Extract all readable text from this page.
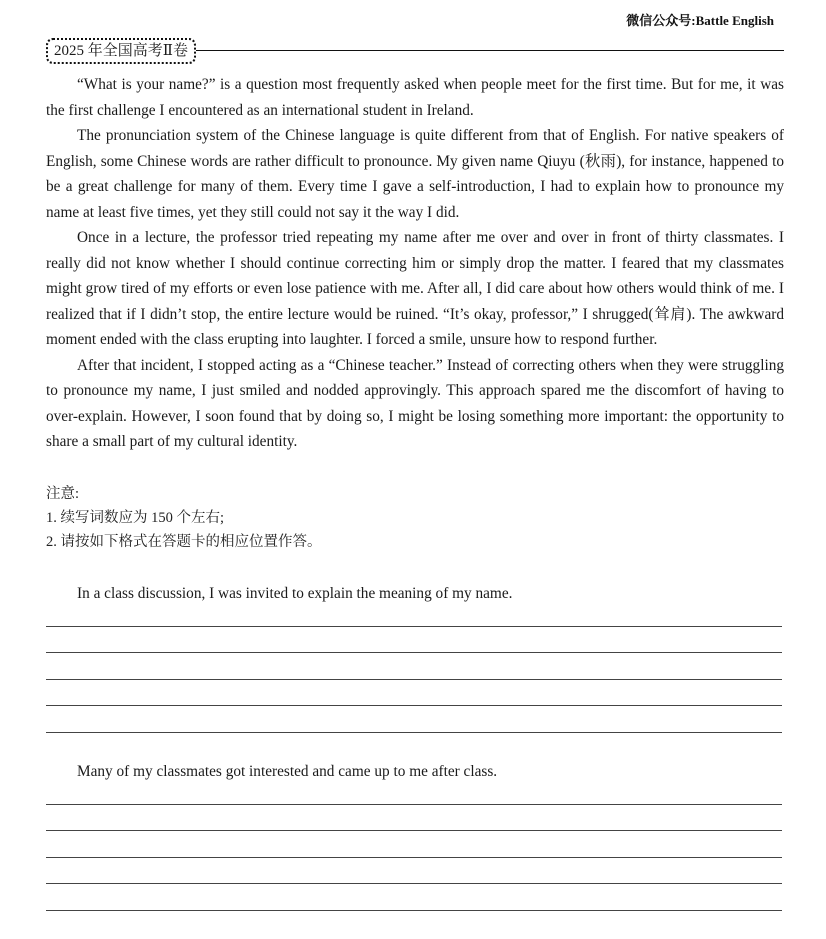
微信公众号:Battle English
2025 年全国高考Ⅱ卷

“What is your name?” is a question most frequently asked when people meet for the first time. But for me, it was the first challenge I encountered as an international student in Ireland.

The pronunciation system of the Chinese language is quite different from that of English. For native speakers of English, some Chinese words are rather difficult to pronounce. My given name Qiuyu (秋雨), for instance, happened to be a great challenge for many of them. Every time I gave a self-introduction, I had to explain how to pronounce my name at least five times, yet they still could not say it the way I did.

Once in a lecture, the professor tried repeating my name after me over and over in front of thirty classmates. I really did not know whether I should continue correcting him or simply drop the matter. I feared that my classmates might grow tired of my efforts or even lose patience with me. After all, I did care about how others would think of me. I realized that if I didn’t stop, the entire lecture would be ruined. “It’s okay, professor,” I shrugged(耸肩). The awkward moment ended with the class erupting into laughter. I forced a smile, unsure how to respond further.

After that incident, I stopped acting as a “Chinese teacher.” Instead of correcting others when they were struggling to pronounce my name, I just smiled and nodded approvingly. This approach spared me the discomfort of having to over-explain. However, I soon found that by doing so, I might be losing something more important: the opportunity to share a small part of my cultural identity.

注意:
1. 续写词数应为 150 个左右;
2. 请按如下格式在答题卡的相应位置作答。
In a class discussion, I was invited to explain the meaning of my name.
Many of my classmates got interested and came up to me after class.
